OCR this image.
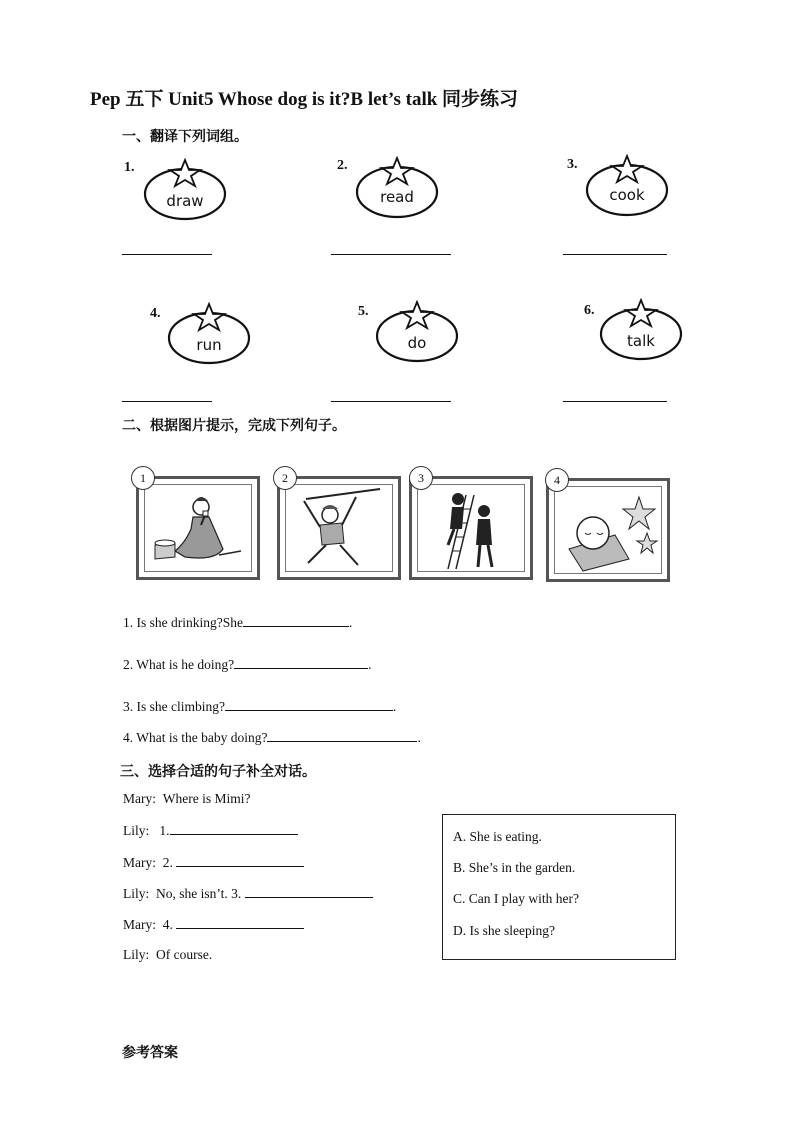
Pep 五下 Unit5 Whose dog is it?B let’s talk 同步练习
一、翻译下列词组。
1.
draw
2.
read
3.
cook
4.
run
5.
do
6.
talk
二、根据图片提示，完成下列句子。
1	2	3	4
1. Is she drinking?She	.
2. What is he doing?	.
3. Is she climbing?	.
4. What is the baby doing?	.
三、选择合适的句子补全对话。
Mary: Where is Mimi?
Lily: 1.
Mary: 2.
Lily: No, she isn’t. 3.
Mary: 4.
Lily: Of course.
A. She is eating.
B. She’s in the garden.
C. Can I play with her?
D. Is she sleeping?
参考答案
